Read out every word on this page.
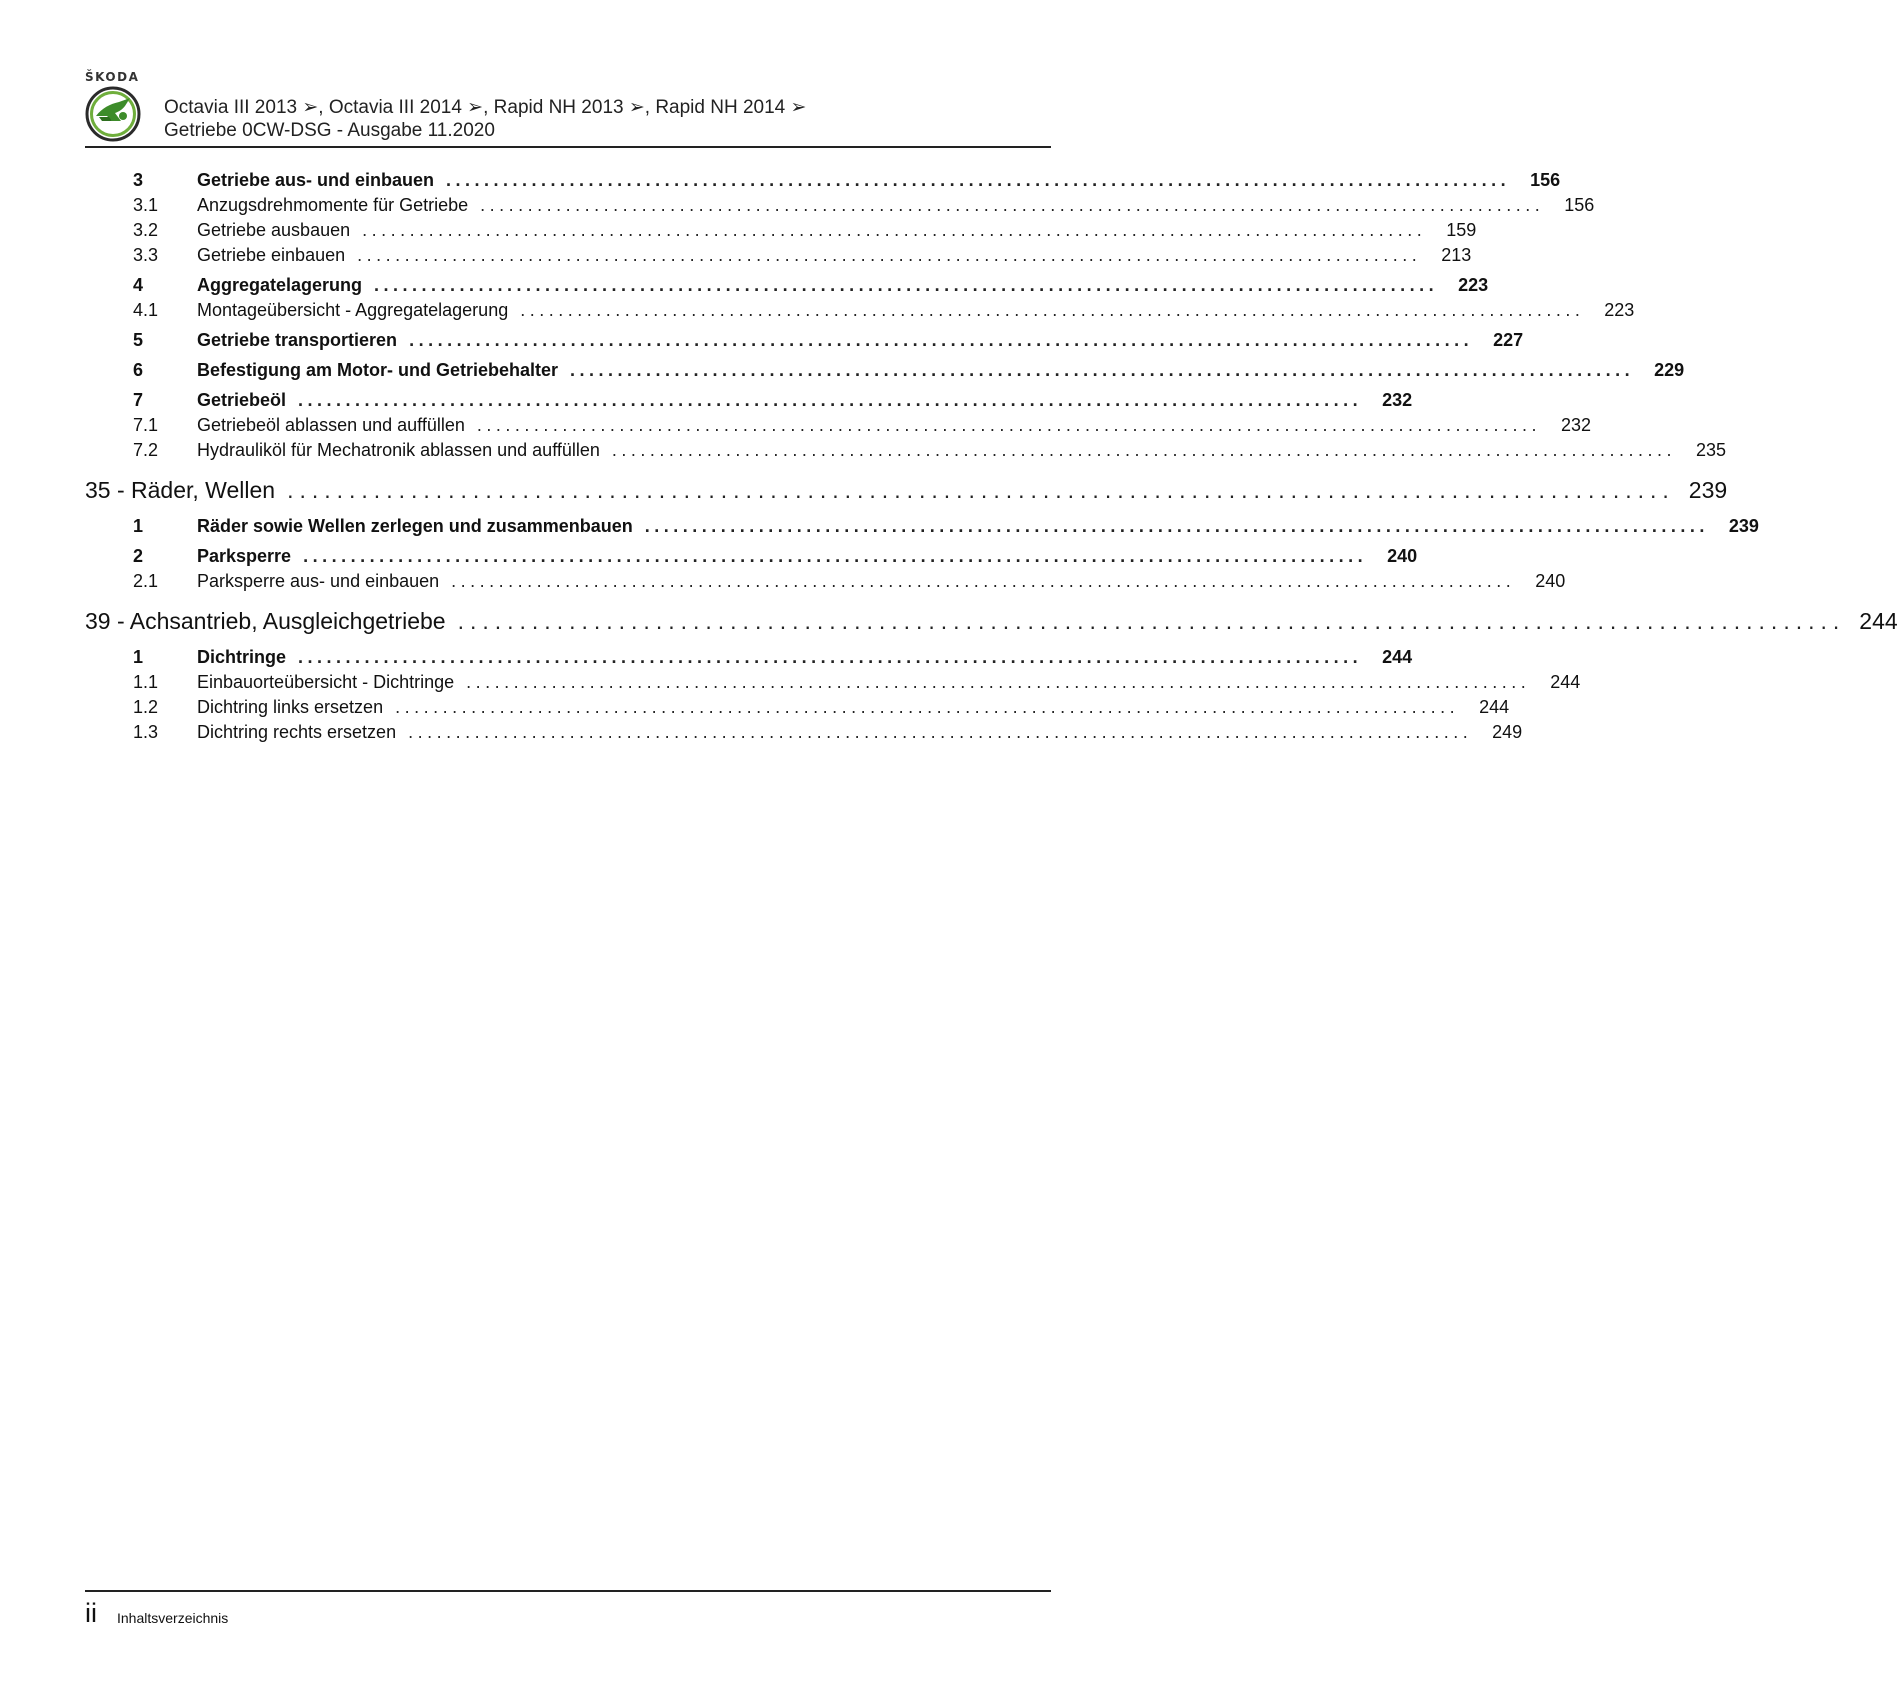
ŠKODA
Octavia III 2013 ➢, Octavia III 2014 ➢, Rapid NH 2013 ➢, Rapid NH 2014 ➢
Getriebe 0CW-DSG - Ausgabe 11.2020
3	Getriebe aus- und einbauen ................................................................................................................	156
3.1	Anzugsdrehmomente für Getriebe ................................................................................................................	156
3.2	Getriebe ausbauen ................................................................................................................	159
3.3	Getriebe einbauen ................................................................................................................	213
4	Aggregatelagerung ................................................................................................................	223
4.1	Montageübersicht - Aggregatelagerung ................................................................................................................	223
5	Getriebe transportieren ................................................................................................................	227
6	Befestigung am Motor- und Getriebehalter ................................................................................................................	229
7	Getriebeöl ................................................................................................................	232
7.1	Getriebeöl ablassen und auffüllen ................................................................................................................	232
7.2	Hydrauliköl für Mechatronik ablassen und auffüllen ................................................................................................................	235
35 - Räder, Wellen ................................................................................................................ 239
1	Räder sowie Wellen zerlegen und zusammenbauen ................................................................................................................	239
2	Parksperre ................................................................................................................	240
2.1	Parksperre aus- und einbauen ................................................................................................................	240
39 - Achsantrieb, Ausgleichgetriebe ................................................................................................................ 244
1	Dichtringe ................................................................................................................	244
1.1	Einbauorteübersicht - Dichtringe ................................................................................................................	244
1.2	Dichtring links ersetzen ................................................................................................................	244
1.3	Dichtring rechts ersetzen ................................................................................................................	249
ii Inhaltsverzeichnis
